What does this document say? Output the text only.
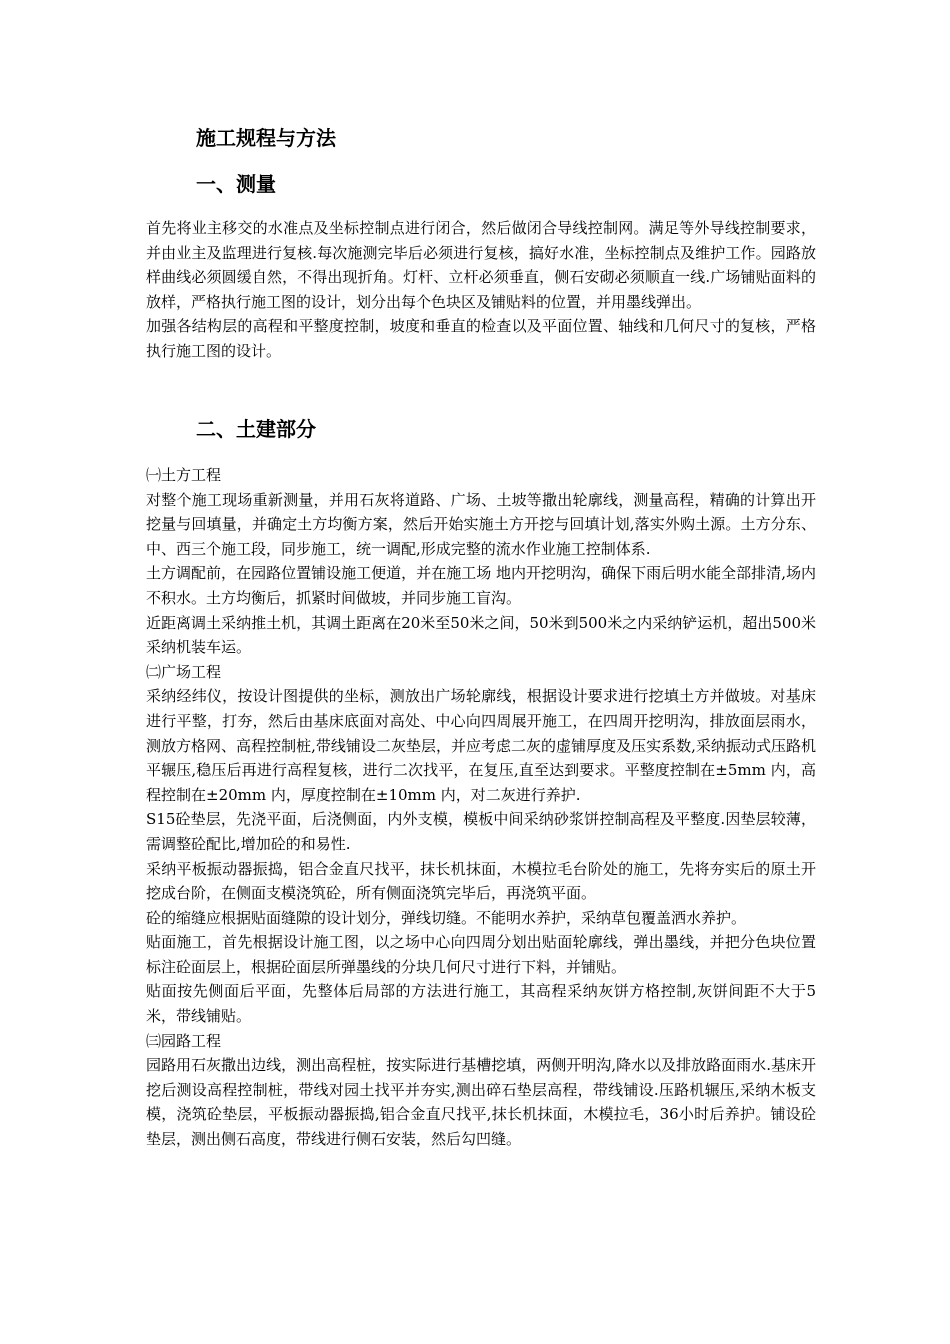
施工规程与方法
一、测量

首先将业主移交的水准点及坐标控制点进行闭合，然后做闭合导线控制网。满足等外导线控制要求，并由业主及监理进行复核.每次施测完毕后必须进行复核，搞好水准，坐标控制点及维护工作。园路放样曲线必须圆缓自然，不得出现折角。灯杆、立杆必须垂直，侧石安砌必须顺直一线.广场铺贴面料的放样，严格执行施工图的设计，划分出每个色块区及铺贴料的位置，并用墨线弹出。

加强各结构层的高程和平整度控制，坡度和垂直的检查以及平面位置、轴线和几何尺寸的复核，严格执行施工图的设计。

二、土建部分

㈠土方工程

对整个施工现场重新测量，并用石灰将道路、广场、土坡等撒出轮廓线，测量高程，精确的计算出开挖量与回填量，并确定土方均衡方案，然后开始实施土方开挖与回填计划,落实外购土源。土方分东、中、西三个施工段，同步施工，统一调配,形成完整的流水作业施工控制体系.

土方调配前，在园路位置铺设施工便道，并在施工场 地内开挖明沟，确保下雨后明水能全部排清,场内不积水。土方均衡后，抓紧时间做坡，并同步施工盲沟。

近距离调土采纳推土机，其调土距离在20米至50米之间，50米到500米之内采纳铲运机，超出500米采纳机装车运。

㈡广场工程

采纳经纬仪，按设计图提供的坐标，测放出广场轮廓线，根据设计要求进行挖填土方并做坡。对基床进行平整，打夯，然后由基床底面对高处、中心向四周展开施工，在四周开挖明沟，排放面层雨水，测放方格网、高程控制桩,带线铺设二灰垫层，并应考虑二灰的虚铺厚度及压实系数,采纳振动式压路机平辗压,稳压后再进行高程复核，进行二次找平，在复压,直至达到要求。平整度控制在±5mm 内，高程控制在±20mm 内，厚度控制在±10mm 内，对二灰进行养护.

S15砼垫层，先浇平面，后浇侧面，内外支模，模板中间采纳砂浆饼控制高程及平整度.因垫层较薄，需调整砼配比,增加砼的和易性.

采纳平板振动器振捣，铝合金直尺找平，抹长机抹面，木模拉毛台阶处的施工，先将夯实后的原土开挖成台阶，在侧面支模浇筑砼，所有侧面浇筑完毕后，再浇筑平面。

砼的缩缝应根据贴面缝隙的设计划分，弹线切缝。不能明水养护，采纳草包覆盖洒水养护。

贴面施工，首先根据设计施工图，以之场中心向四周分划出贴面轮廓线，弹出墨线，并把分色块位置标注砼面层上，根据砼面层所弹墨线的分块几何尺寸进行下料，并铺贴。

贴面按先侧面后平面，先整体后局部的方法进行施工，其高程采纳灰饼方格控制,灰饼间距不大于5米，带线铺贴。

㈢园路工程

园路用石灰撒出边线，测出高程桩，按实际进行基槽挖填，两侧开明沟,降水以及排放路面雨水.基床开挖后测设高程控制桩，带线对园土找平并夯实,测出碎石垫层高程，带线铺设.压路机辗压,采纳木板支模，浇筑砼垫层，平板振动器振捣,铝合金直尺找平,抹长机抹面，木模拉毛，36小时后养护。铺设砼垫层，测出侧石高度，带线进行侧石安装，然后勾凹缝。
